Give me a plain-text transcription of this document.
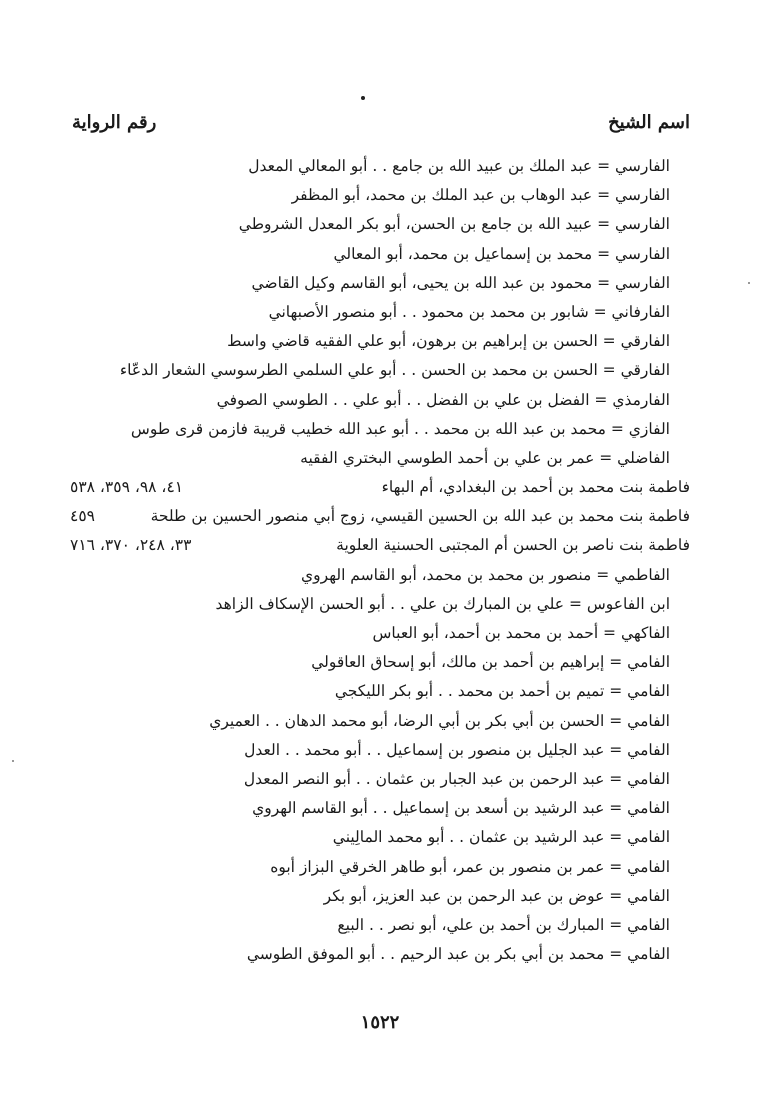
اسم الشيخ
رقم الرواية
الفارسي = عبد الملك بن عبيد الله بن جامع . . أبو المعالي المعدل
الفارسي = عبد الوهاب بن عبد الملك بن محمد، أبو المظفر
الفارسي = عبيد الله بن جامع بن الحسن، أبو بكر المعدل الشروطي
الفارسي = محمد بن إسماعيل بن محمد، أبو المعالي
الفارسي = محمود بن عبد الله بن يحيى، أبو القاسم وكيل القاضي
الفارفاني = شابور بن محمد بن محمود . . أبو منصور الأصبهاني
الفارقي = الحسن بن إبراهيم بن برهون، أبو علي الفقيه قاضي واسط
الفارقي = الحسن بن محمد بن الحسن . . أبو علي السلمي الطرسوسي الشعار الدعّاء
الفارمذي = الفضل بن علي بن الفضل . . أبو علي . . الطوسي الصوفي
الفازي = محمد بن عبد الله بن محمد . . أبو عبد الله خطيب قريبة فازمن قرى طوس
الفاضلي = عمر بن علي بن أحمد الطوسي البختري الفقيه
فاطمة بنت محمد بن أحمد بن البغدادي، أم البهاء
٤١، ٩٨، ٣٥٩، ٥٣٨
فاطمة بنت محمد بن عبد الله بن الحسين القيسي، زوج أبي منصور الحسين بن طلحة
٤٥٩
فاطمة بنت ناصر بن الحسن أم المجتبى الحسنية العلوية
٣٣، ٢٤٨، ٣٧٠، ٧١٦
الفاطمي = منصور بن محمد بن محمد، أبو القاسم الهروي
ابن الفاعوس = علي بن المبارك بن علي . . أبو الحسن الإسكاف الزاهد
الفاكهي = أحمد بن محمد بن أحمد، أبو العباس
الفامي = إبراهيم بن أحمد بن مالك، أبو إسحاق العاقولي
الفامي = تميم بن أحمد بن محمد . . أبو بكر الليكجي
الفامي = الحسن بن أبي بكر بن أبي الرضا، أبو محمد الدهان . . العميري
الفامي = عبد الجليل بن منصور بن إسماعيل . . أبو محمد . . العدل
الفامي = عبد الرحمن بن عبد الجبار بن عثمان . . أبو النصر المعدل
الفامي = عبد الرشيد بن أسعد بن إسماعيل . . أبو القاسم الهروي
الفامي = عبد الرشيد بن عثمان . . أبو محمد المالِيني
الفامي = عمر بن منصور بن عمر، أبو طاهر الخرقي البزاز أبوه
الفامي = عوض بن عبد الرحمن بن عبد العزيز، أبو بكر
الفامي = المبارك بن أحمد بن علي، أبو نصر . . البيع
الفامي = محمد بن أبي بكر بن عبد الرحيم . . أبو الموفق الطوسي
١٥٢٢
